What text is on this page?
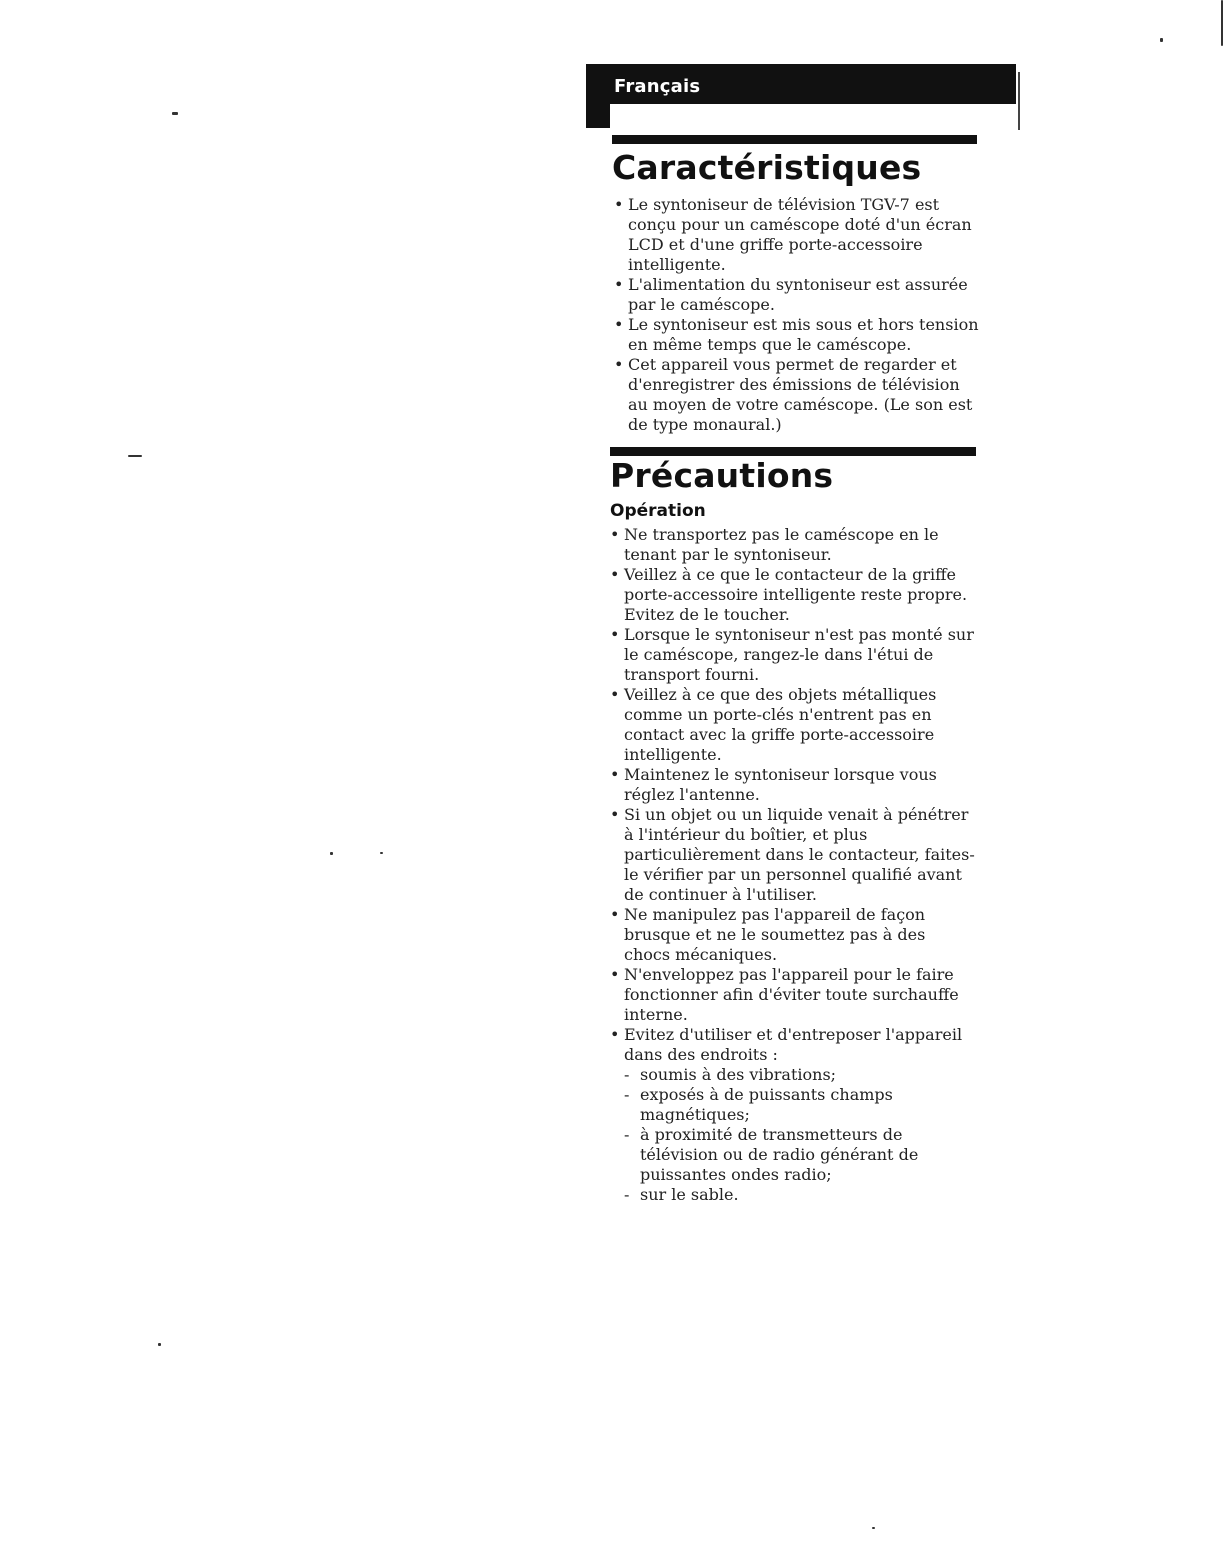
Français
Caractéristiques
• Le syntoniseur de télévision TGV-7 est conçu pour un caméscope doté d'un écran LCD et d'une griffe porte-accessoire intelligente.
• L'alimentation du syntoniseur est assurée par le caméscope.
• Le syntoniseur est mis sous et hors tension en même temps que le caméscope.
• Cet appareil vous permet de regarder et d'enregistrer des émissions de télévision au moyen de votre caméscope. (Le son est de type monaural.)
Précautions
Opération
• Ne transportez pas le caméscope en le tenant par le syntoniseur.
• Veillez à ce que le contacteur de la griffe porte-accessoire intelligente reste propre. Evitez de le toucher.
• Lorsque le syntoniseur n'est pas monté sur le caméscope, rangez-le dans l'étui de transport fourni.
• Veillez à ce que des objets métalliques comme un porte-clés n'entrent pas en contact avec la griffe porte-accessoire intelligente.
• Maintenez le syntoniseur lorsque vous réglez l'antenne.
• Si un objet ou un liquide venait à pénétrer à l'intérieur du boîtier, et plus particulièrement dans le contacteur, faites-le vérifier par un personnel qualifié avant de continuer à l'utiliser.
• Ne manipulez pas l'appareil de façon brusque et ne le soumettez pas à des chocs mécaniques.
• N'enveloppez pas l'appareil pour le faire fonctionner afin d'éviter toute surchauffe interne.
• Evitez d'utiliser et d'entreposer l'appareil dans des endroits :
- soumis à des vibrations;
- exposés à de puissants champs magnétiques;
- à proximité de transmetteurs de télévision ou de radio générant de puissantes ondes radio;
- sur le sable.
